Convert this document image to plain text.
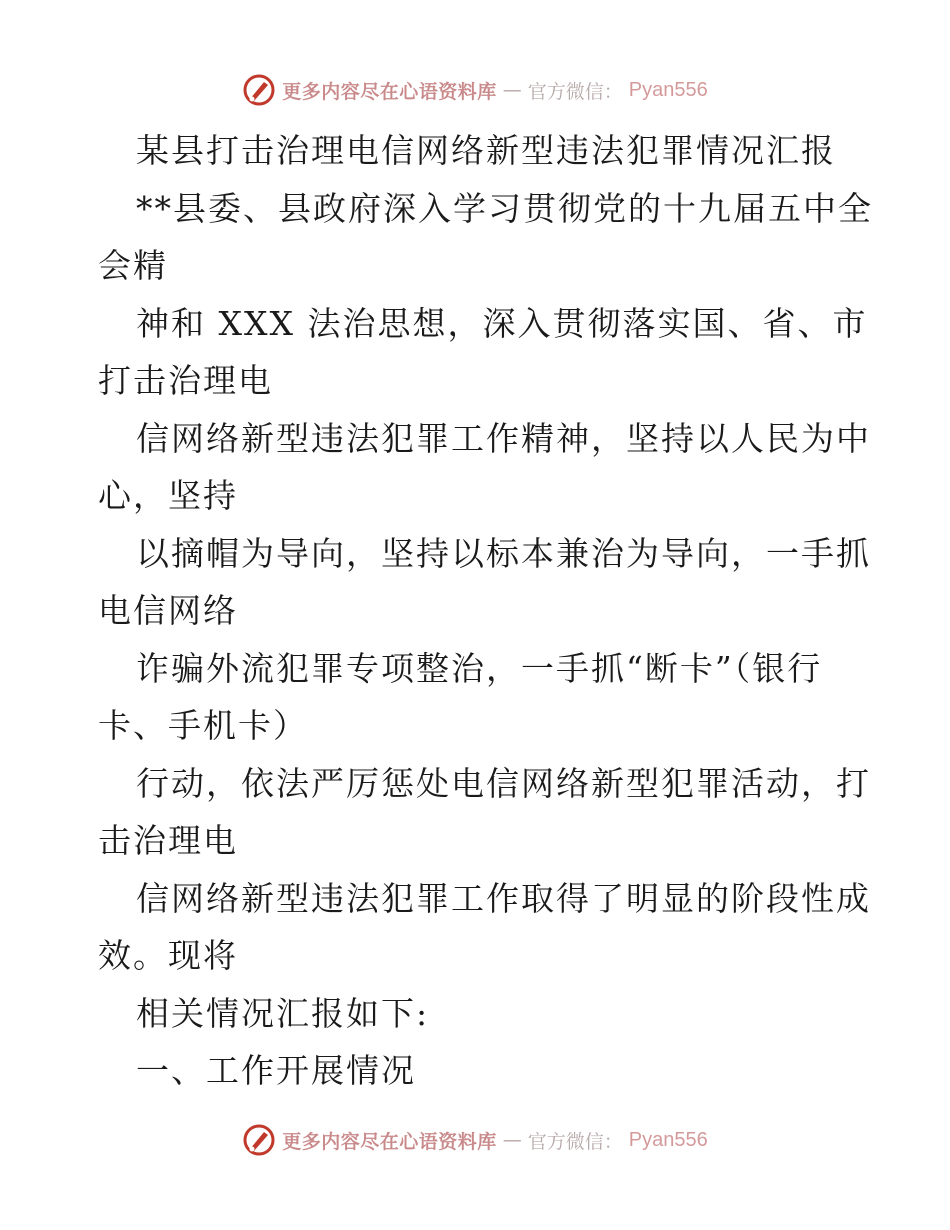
更多内容尽在心语资料库 — 官方微信： Pyan556
某县打击治理电信网络新型违法犯罪情况汇报
**县委、县政府深入学习贯彻党的十九届五中全
会精
神和 XXX 法治思想，深入贯彻落实国、省、市
打击治理电
信网络新型违法犯罪工作精神，坚持以人民为中
心，坚持
以摘帽为导向，坚持以标本兼治为导向，一手抓
电信网络
诈骗外流犯罪专项整治，一手抓“断卡”（银行
卡、手机卡）
行动，依法严厉惩处电信网络新型犯罪活动，打
击治理电
信网络新型违法犯罪工作取得了明显的阶段性成
效。现将
相关情况汇报如下:
一、工作开展情况
更多内容尽在心语资料库 — 官方微信： Pyan556
